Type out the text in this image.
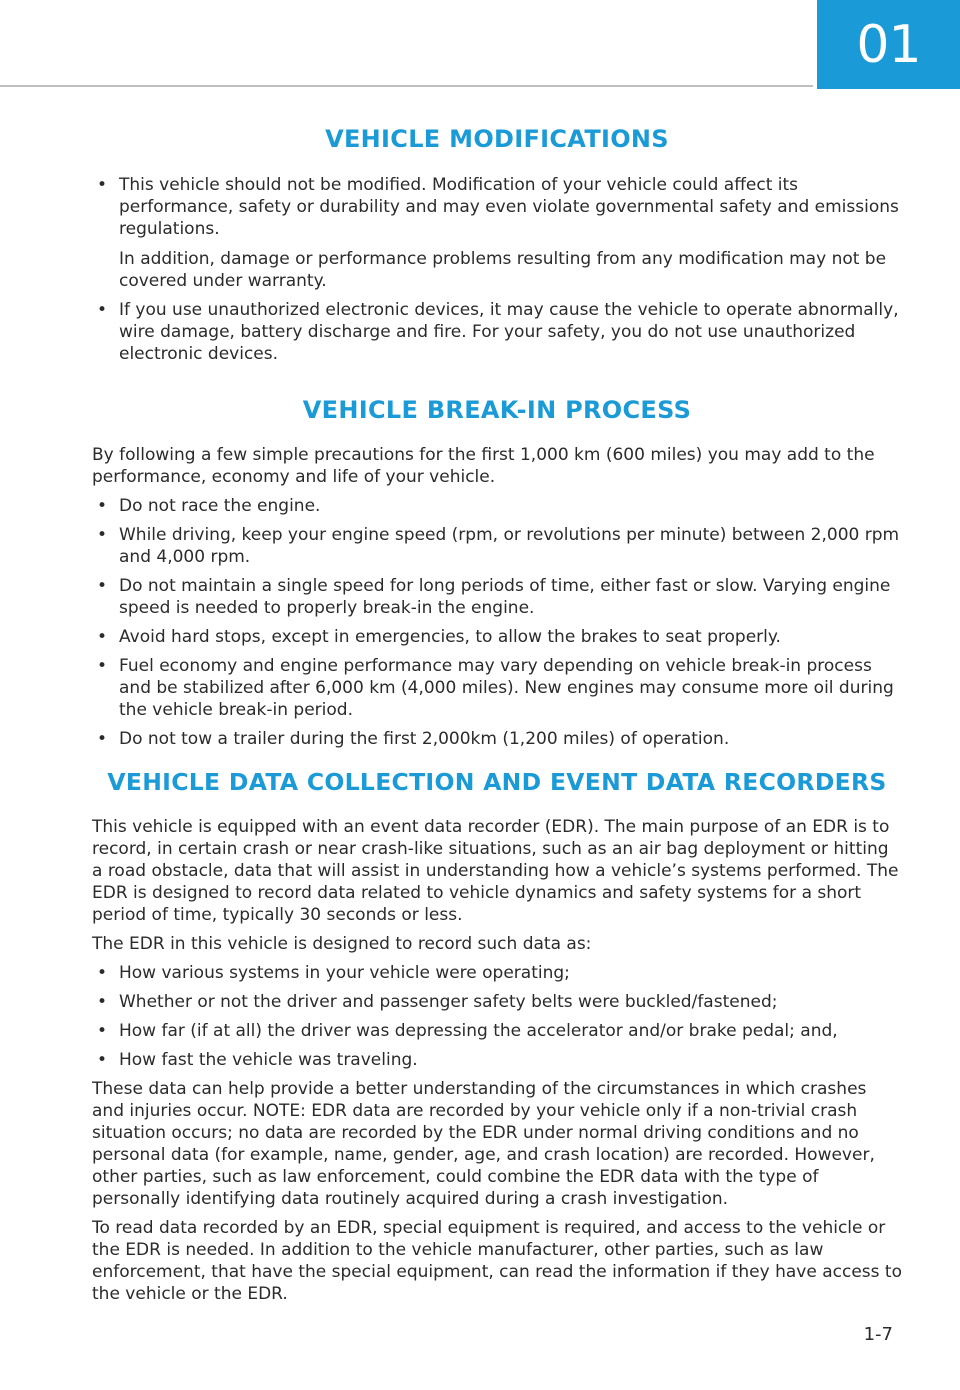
01
VEHICLE MODIFICATIONS
• This vehicle should not be modified. Modification of your vehicle could affect its performance, safety or durability and may even violate governmental safety and emissions regulations.
In addition, damage or performance problems resulting from any modification may not be covered under warranty.
• If you use unauthorized electronic devices, it may cause the vehicle to operate abnormally, wire damage, battery discharge and fire. For your safety, you do not use unauthorized electronic devices.
VEHICLE BREAK-IN PROCESS

By following a few simple precautions for the first 1,000 km (600 miles) you may add to the performance, economy and life of your vehicle.

• Do not race the engine.
• While driving, keep your engine speed (rpm, or revolutions per minute) between 2,000 rpm and 4,000 rpm.
• Do not maintain a single speed for long periods of time, either fast or slow. Varying engine speed is needed to properly break-in the engine.
• Avoid hard stops, except in emergencies, to allow the brakes to seat properly.
• Fuel economy and engine performance may vary depending on vehicle break-in process and be stabilized after 6,000 km (4,000 miles). New engines may consume more oil during the vehicle break-in period.
• Do not tow a trailer during the first 2,000km (1,200 miles) of operation.
VEHICLE DATA COLLECTION AND EVENT DATA RECORDERS

This vehicle is equipped with an event data recorder (EDR). The main purpose of an EDR is to record, in certain crash or near crash-like situations, such as an air bag deployment or hitting a road obstacle, data that will assist in understanding how a vehicle’s systems performed. The EDR is designed to record data related to vehicle dynamics and safety systems for a short period of time, typically 30 seconds or less.

The EDR in this vehicle is designed to record such data as:

• How various systems in your vehicle were operating;
• Whether or not the driver and passenger safety belts were buckled/fastened;
• How far (if at all) the driver was depressing the accelerator and/or brake pedal; and,
• How fast the vehicle was traveling.

These data can help provide a better understanding of the circumstances in which crashes and injuries occur. NOTE: EDR data are recorded by your vehicle only if a non-trivial crash situation occurs; no data are recorded by the EDR under normal driving conditions and no personal data (for example, name, gender, age, and crash location) are recorded. However, other parties, such as law enforcement, could combine the EDR data with the type of personally identifying data routinely acquired during a crash investigation.

To read data recorded by an EDR, special equipment is required, and access to the vehicle or the EDR is needed. In addition to the vehicle manufacturer, other parties, such as law enforcement, that have the special equipment, can read the information if they have access to the vehicle or the EDR.

1-7
